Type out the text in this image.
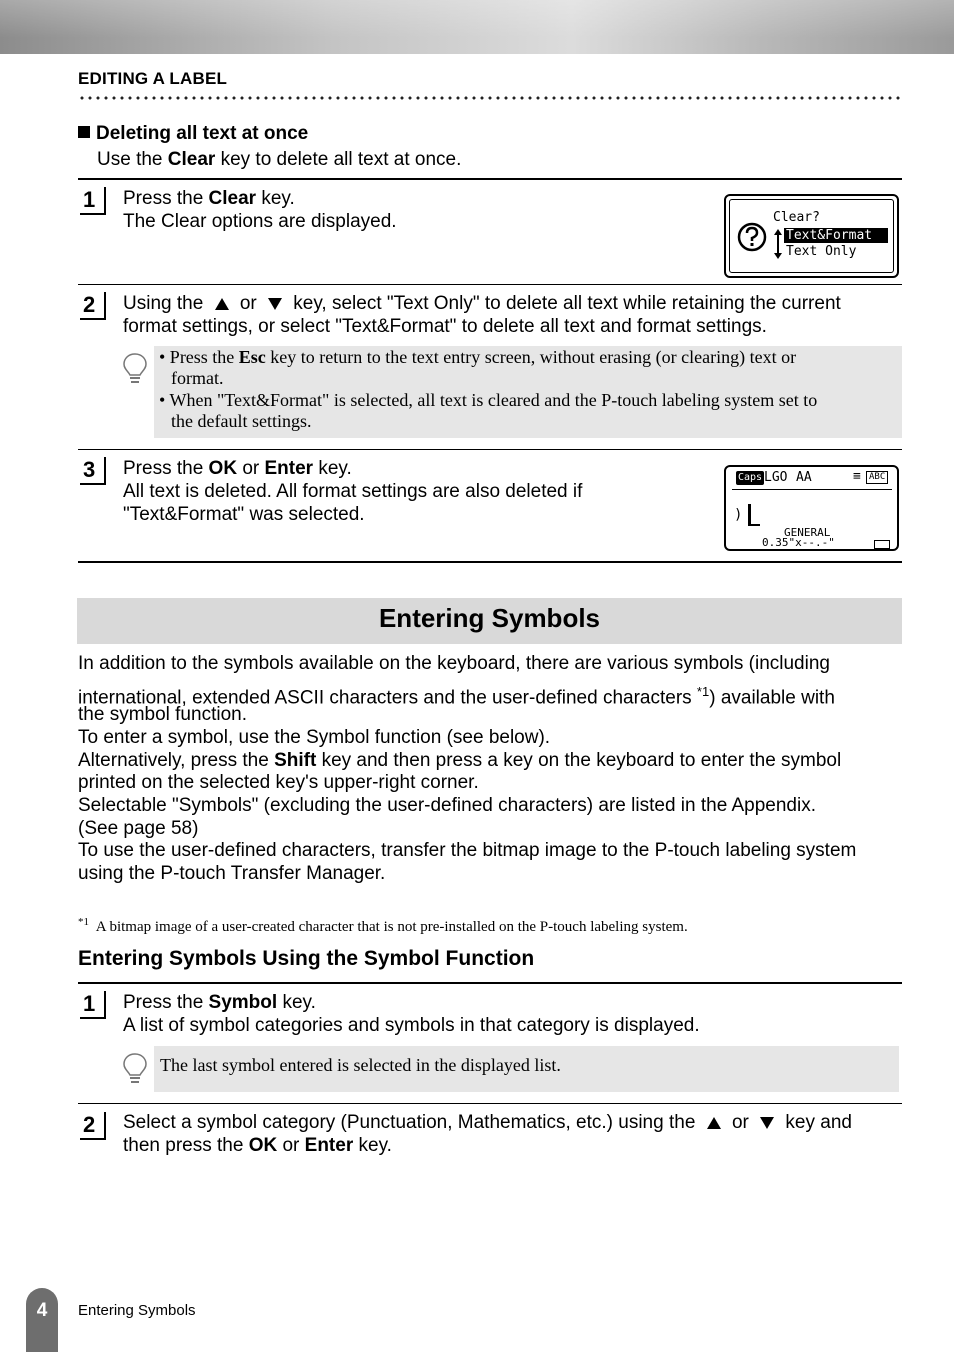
EDITING A LABEL
Deleting all text at once
Use the Clear key to delete all text at once.
1	Press the Clear key.
The Clear options are displayed.	Clear?
Text&Format
Text Only
2	Using the  or  key, select "Text Only" to delete all text while retaining the current
format settings, or select "Text&Format" to delete all text and format settings.
• Press the Esc key to return to the text entry screen, without erasing (or clearing) text or
format.
• When "Text&Format" is selected, all text is cleared and the P-touch labeling system set to
the default settings.
3	Press the OK or Enter key.
All text is deleted. All format settings are also deleted if
"Text&Format" was selected.
Caps LGO AA	≡ ABC
)
GENERAL
0.35"x--.-"
Entering Symbols
In addition to the symbols available on the keyboard, there are various symbols (including
international, extended ASCII characters and the user-defined characters $^{*1}$) available with
the symbol function.
To enter a symbol, use the Symbol function (see below).
Alternatively, press the Shift key and then press a key on the keyboard to enter the symbol
printed on the selected key's upper-right corner.
Selectable "Symbols" (excluding the user-defined characters) are listed in the Appendix.
(See page 58)
To use the user-defined characters, transfer the bitmap image to the P-touch labeling system
using the P-touch Transfer Manager.
$^{*1}$ A bitmap image of a user-created character that is not pre-installed on the P-touch labeling system.
Entering Symbols Using the Symbol Function
1	Press the Symbol key.
A list of symbol categories and symbols in that category is displayed.
The last symbol entered is selected in the displayed list.
2	Select a symbol category (Punctuation, Mathematics, etc.) using the  or  key and
then press the OK or Enter key.
4	Entering Symbols
